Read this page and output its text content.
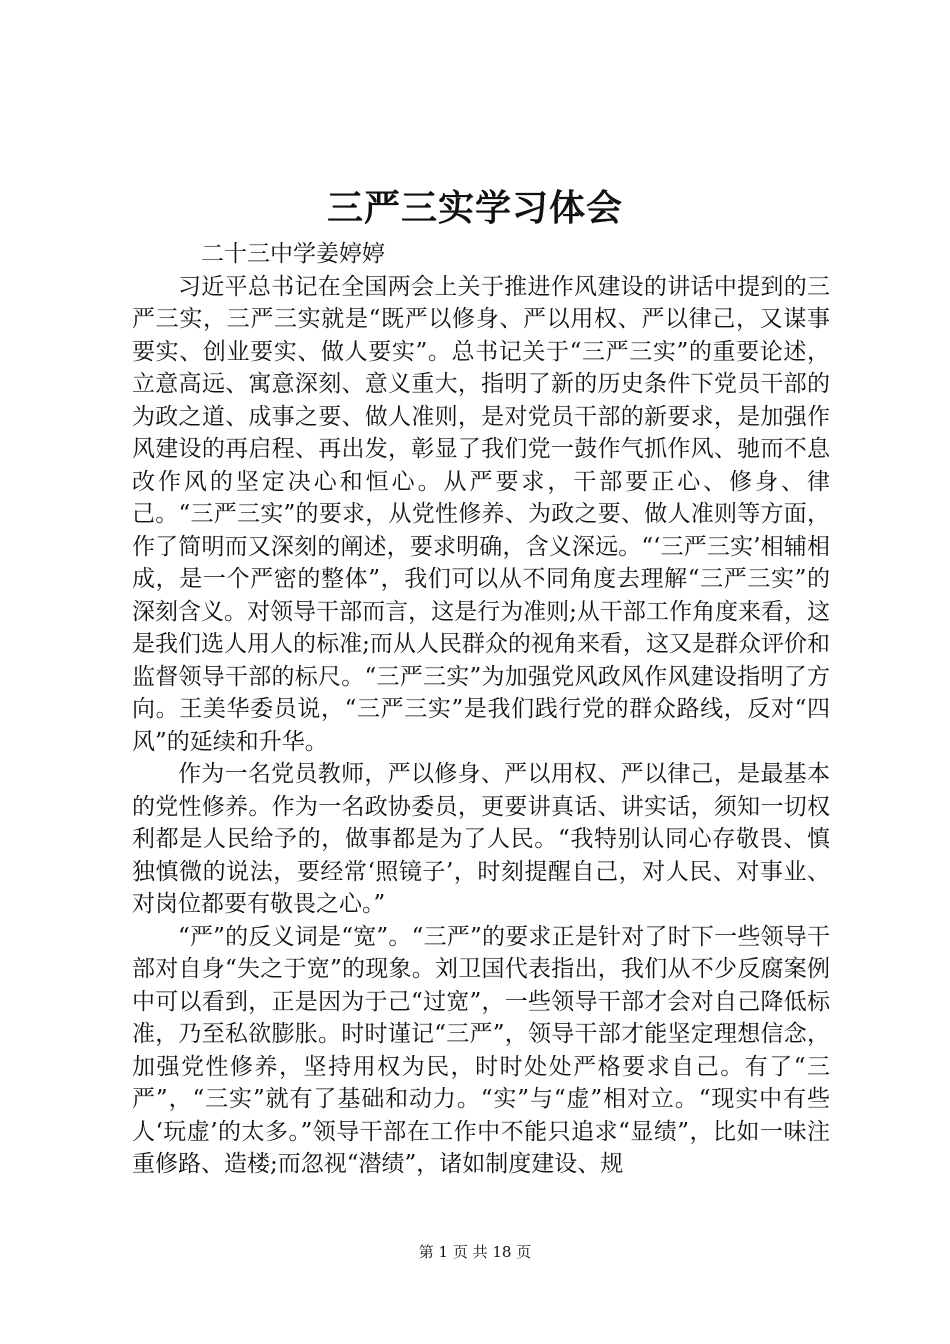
三严三实学习体会

二十三中学姜婷婷

习近平总书记在全国两会上关于推进作风建设的讲话中提到的三严三实，三严三实就是“既严以修身、严以用权、严以律己，又谋事要实、创业要实、做人要实”。总书记关于“三严三实”的重要论述，立意高远、寓意深刻、意义重大，指明了新的历史条件下党员干部的为政之道、成事之要、做人准则，是对党员干部的新要求，是加强作风建设的再启程、再出发，彰显了我们党一鼓作气抓作风、驰而不息改作风的坚定决心和恒心。从严要求，干部要正心、修身、律己。“三严三实”的要求，从党性修养、为政之要、做人准则等方面，作了简明而又深刻的阐述，要求明确，含义深远。“‘三严三实’相辅相成，是一个严密的整体”，我们可以从不同角度去理解“三严三实”的深刻含义。对领导干部而言，这是行为准则;从干部工作角度来看，这是我们选人用人的标准;而从人民群众的视角来看，这又是群众评价和监督领导干部的标尺。“三严三实”为加强党风政风作风建设指明了方向。王美华委员说，“三严三实”是我们践行党的群众路线，反对“四风”的延续和升华。

作为一名党员教师，严以修身、严以用权、严以律己，是最基本的党性修养。作为一名政协委员，更要讲真话、讲实话，须知一切权利都是人民给予的，做事都是为了人民。“我特别认同心存敬畏、慎独慎微的说法，要经常‘照镜子’，时刻提醒自己，对人民、对事业、对岗位都要有敬畏之心。”

“严”的反义词是“宽”。“三严”的要求正是针对了时下一些领导干部对自身“失之于宽”的现象。刘卫国代表指出，我们从不少反腐案例中可以看到，正是因为于己“过宽”，一些领导干部才会对自己降低标准，乃至私欲膨胀。时时谨记“三严”，领导干部才能坚定理想信念，加强党性修养，坚持用权为民，时时处处严格要求自己。有了“三严”，“三实”就有了基础和动力。“实”与“虚”相对立。“现实中有些人‘玩虚’的太多。”领导干部在工作中不能只追求“显绩”，比如一味注重修路、造楼;而忽视“潜绩”，诸如制度建设、规

第 1 页 共 18 页
